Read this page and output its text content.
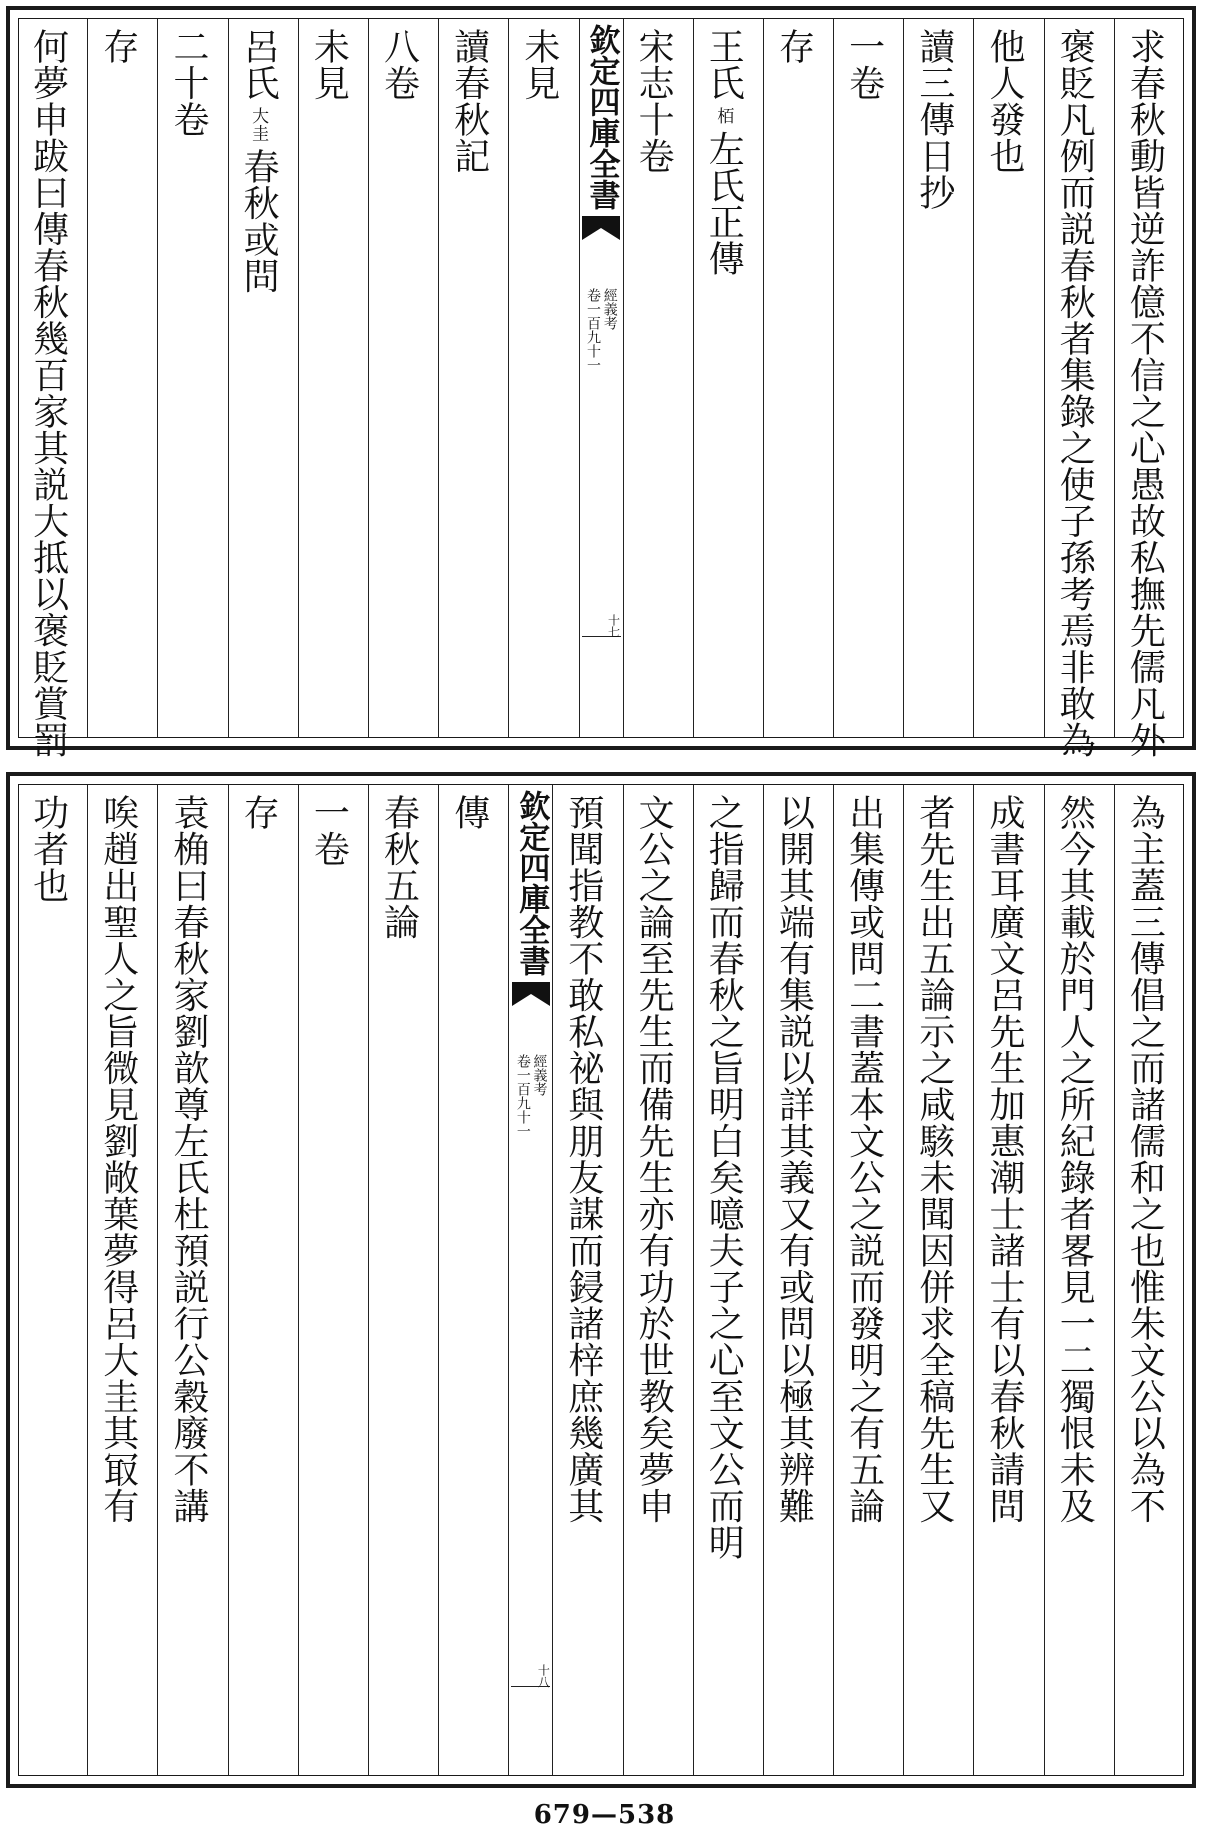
求春秋動皆逆詐億不信之心愚故私撫先儒凡外
褒貶凡例而説春秋者集錄之使子孫考焉非敢為
他人發也
讀三傳日抄
一卷
存
王氏栢左氏正傳
宋志十卷
欽定四庫全書
經義考
卷一百九十一
十七
未見
讀春秋記
八卷
未見
呂氏大圭春秋或問
二十卷
存
何夢申跋曰傳春秋幾百家其説大抵以褒貶賞罰
為主蓋三傳倡之而諸儒和之也惟朱文公以為不
然今其載於門人之所紀錄者畧見一二獨恨未及
成書耳廣文呂先生加惠潮士諸士有以春秋請問
者先生出五論示之咸駭未聞因併求全稿先生又
出集傳或問二書蓋本文公之説而發明之有五論
以開其端有集説以詳其義又有或問以極其辨難
之指歸而春秋之旨明白矣噫夫子之心至文公而明
文公之論至先生而備先生亦有功於世教矣夢申
預聞指教不敢私祕與朋友謀而鋟諸梓庶幾廣其
欽定四庫全書
經義考
卷一百九十一
十八
傳
春秋五論
一卷
存
袁桷曰春秋家劉歆尊左氏杜預説行公穀廢不講
唉趙出聖人之旨微見劉敞葉夢得呂大圭其冣有
功者也
679—538
